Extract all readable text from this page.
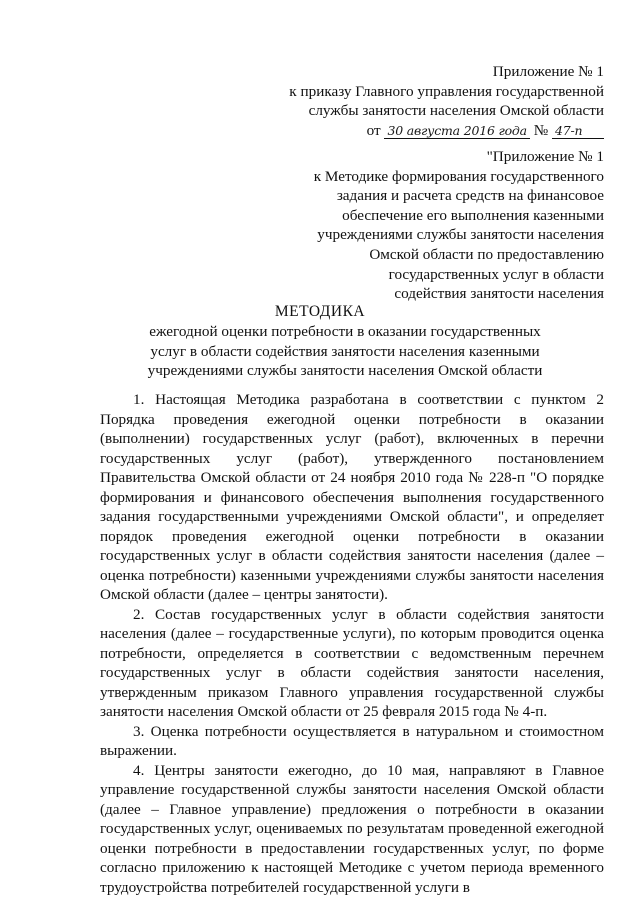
Приложение № 1
к приказу Главного управления государственной
службы занятости населения Омской области
от 30 августа 2016 года № 47-п
"Приложение № 1
к Методике формирования государственного
задания и расчета средств на финансовое
обеспечение его выполнения казенными
учреждениями службы занятости населения
Омской области по предоставлению
государственных услуг в области
содействия занятости населения
МЕТОДИКА
ежегодной оценки потребности в оказании государственных
услуг в области содействия занятости населения казенными
учреждениями службы занятости населения Омской области

1. Настоящая Методика разработана в соответствии с пунктом 2 Порядка проведения ежегодной оценки потребности в оказании (выполнении) государственных услуг (работ), включенных в перечни государственных услуг (работ), утвержденного постановлением Правительства Омской области от 24 ноября 2010 года № 228-п "О порядке формирования и финансового обеспечения выполнения государственного задания государственными учреждениями Омской области", и определяет порядок проведения ежегодной оценки потребности в оказании государственных услуг в области содействия занятости населения (далее – оценка потребности) казенными учреждениями службы занятости населения Омской области (далее – центры занятости).

2. Состав государственных услуг в области содействия занятости населения (далее – государственные услуги), по которым проводится оценка потребности, определяется в соответствии с ведомственным перечнем государственных услуг в области содействия занятости населения, утвержденным приказом Главного управления государственной службы занятости населения Омской области от 25 февраля 2015 года № 4-п.

3. Оценка потребности осуществляется в натуральном и стоимостном выражении.

4. Центры занятости ежегодно, до 10 мая, направляют в Главное управление государственной службы занятости населения Омской области (далее – Главное управление) предложения о потребности в оказании государственных услуг, оцениваемых по результатам проведенной ежегодной оценки потребности в предоставлении государственных услуг, по форме согласно приложению к настоящей Методике с учетом периода временного трудоустройства потребителей государственной услуги в
